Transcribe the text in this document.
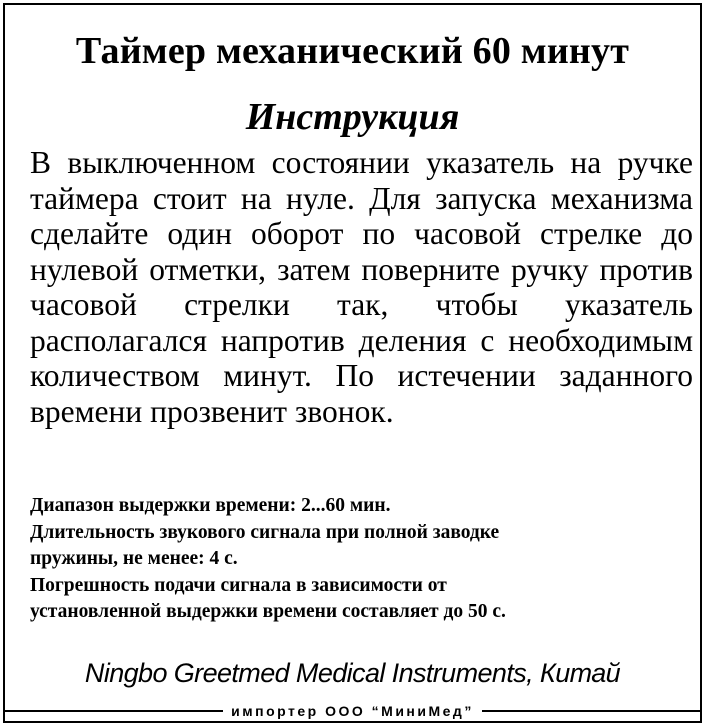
Таймер механический 60 минут
Инструкция

В выключенном состоянии указатель на ручке таймера стоит на нуле. Для запуска механизма сделайте один оборот по часовой стрелке до нулевой отметки, затем поверните ручку против часовой стрелки так, чтобы указатель располагался напротив деления с необходимым количеством минут. По истечении заданного времени прозвенит звонок.

Диапазон выдержки времени: 2...60 мин.
Длительность звукового сигнала при полной заводке
пружины, не менее: 4 с.
Погрешность подачи сигнала в зависимости от
установленной выдержки времени составляет до 50 с.
Ningbo Greetmed Medical Instruments, Китай
импортер ООО “МиниМед”
